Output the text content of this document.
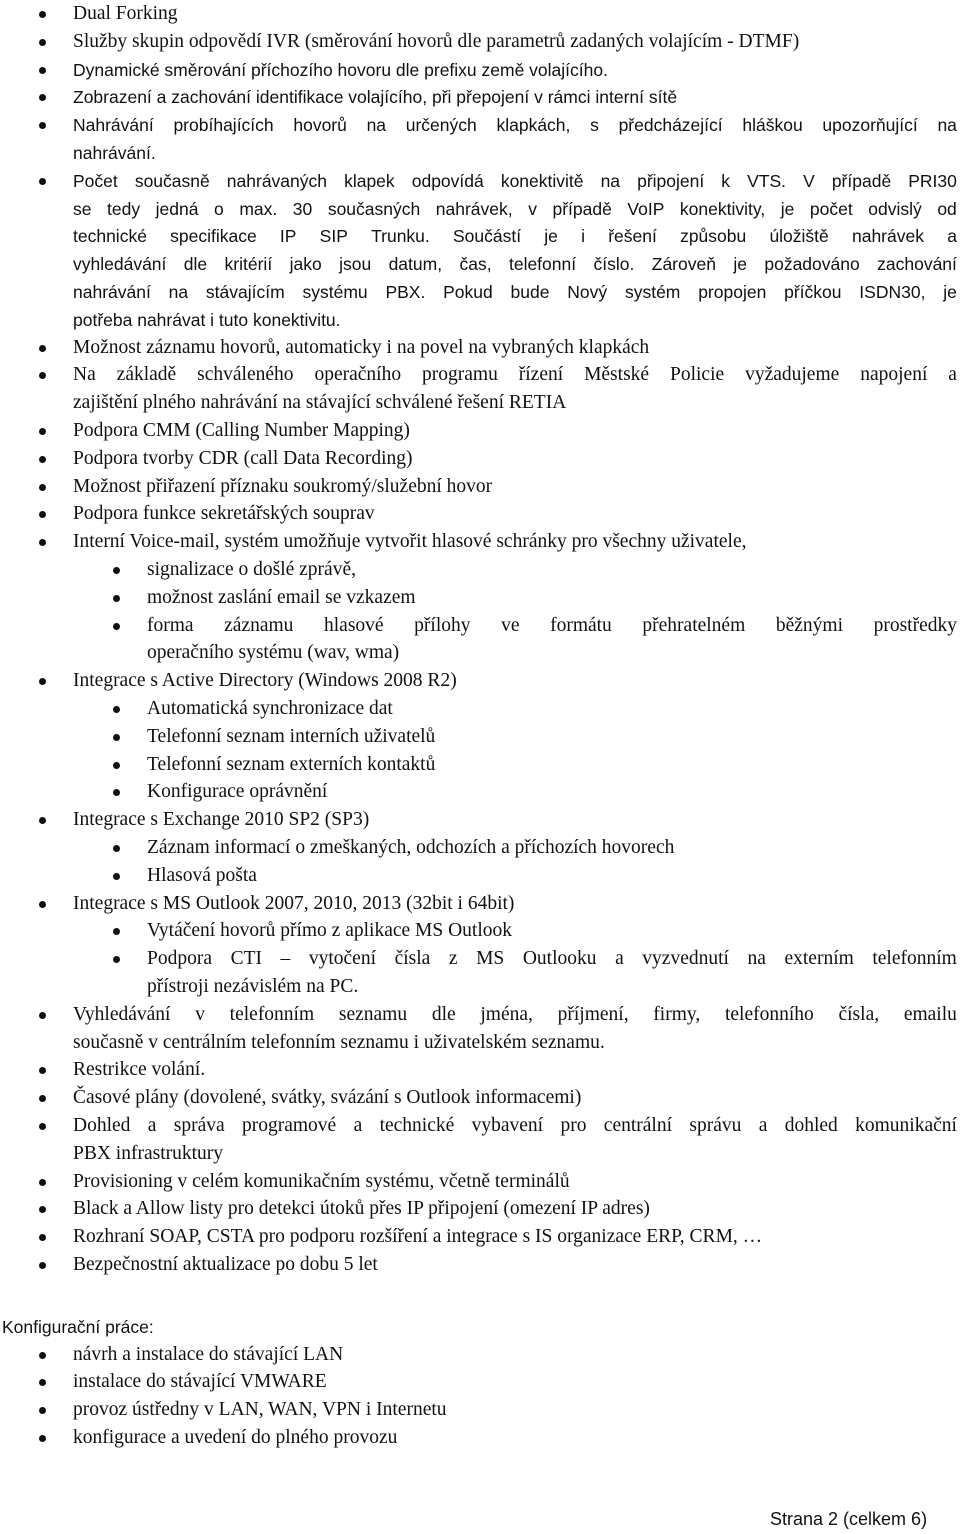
Dual Forking
Služby skupin odpovědí IVR (směrování hovorů dle parametrů zadaných volajícím - DTMF)
Dynamické směrování příchozího hovoru dle prefixu země volajícího.
Zobrazení a zachování identifikace volajícího, při přepojení v rámci interní sítě
Nahrávání probíhajících hovorů na určených klapkách, s předcházející hláškou upozorňující na
nahrávání.
Počet současně nahrávaných klapek odpovídá konektivitě na připojení k VTS. V případě PRI30
se tedy jedná o max. 30 současných nahrávek, v případě VoIP konektivity, je počet odvislý od
technické specifikace IP SIP Trunku. Součástí je i řešení způsobu úložiště nahrávek a
vyhledávání dle kritérií jako jsou datum, čas, telefonní číslo. Zároveň je požadováno zachování
nahrávání na stávajícím systému PBX. Pokud bude Nový systém propojen příčkou ISDN30, je
potřeba nahrávat i tuto konektivitu.
Možnost záznamu hovorů, automaticky i na povel na vybraných klapkách
Na základě schváleného operačního programu řízení Městské Policie vyžadujeme napojení a
zajištění plného nahrávání na stávající schválené řešení RETIA
Podpora CMM (Calling Number Mapping)
Podpora tvorby CDR (call Data Recording)
Možnost přiřazení příznaku soukromý/služební hovor
Podpora funkce sekretářských souprav
Interní Voice-mail, systém umožňuje vytvořit hlasové schránky pro všechny uživatele,
signalizace o došlé zprávě,
možnost zaslání email se vzkazem
forma záznamu hlasové přílohy ve formátu přehratelném běžnými prostředky
operačního systému (wav, wma)
Integrace s Active Directory (Windows 2008 R2)
Automatická synchronizace dat
Telefonní seznam interních uživatelů
Telefonní seznam externích kontaktů
Konfigurace oprávnění
Integrace s Exchange 2010 SP2 (SP3)
Záznam informací o zmeškaných, odchozích a příchozích hovorech
Hlasová pošta
Integrace s MS Outlook 2007, 2010, 2013 (32bit i 64bit)
Vytáčení hovorů přímo z aplikace MS Outlook
Podpora CTI – vytočení čísla z MS Outlooku a vyzvednutí na externím telefonním
přístroji nezávislém na PC.
Vyhledávání v telefonním seznamu dle jména, příjmení, firmy, telefonního čísla, emailu
současně v centrálním telefonním seznamu i uživatelském seznamu.
Restrikce volání.
Časové plány (dovolené, svátky, svázání s Outlook informacemi)
Dohled a správa programové a technické vybavení pro centrální správu a dohled komunikační
PBX infrastruktury
Provisioning v celém komunikačním systému, včetně terminálů
Black a Allow listy pro detekci útoků přes IP připojení (omezení IP adres)
Rozhraní SOAP, CSTA pro podporu rozšíření a integrace s IS organizace ERP, CRM, …
Bezpečnostní aktualizace po dobu 5 let
Konfigurační práce:
návrh a instalace do stávající LAN
instalace do stávající VMWARE
provoz ústředny v LAN, WAN, VPN i Internetu
konfigurace a uvedení do plného provozu
Strana 2 (celkem 6)
